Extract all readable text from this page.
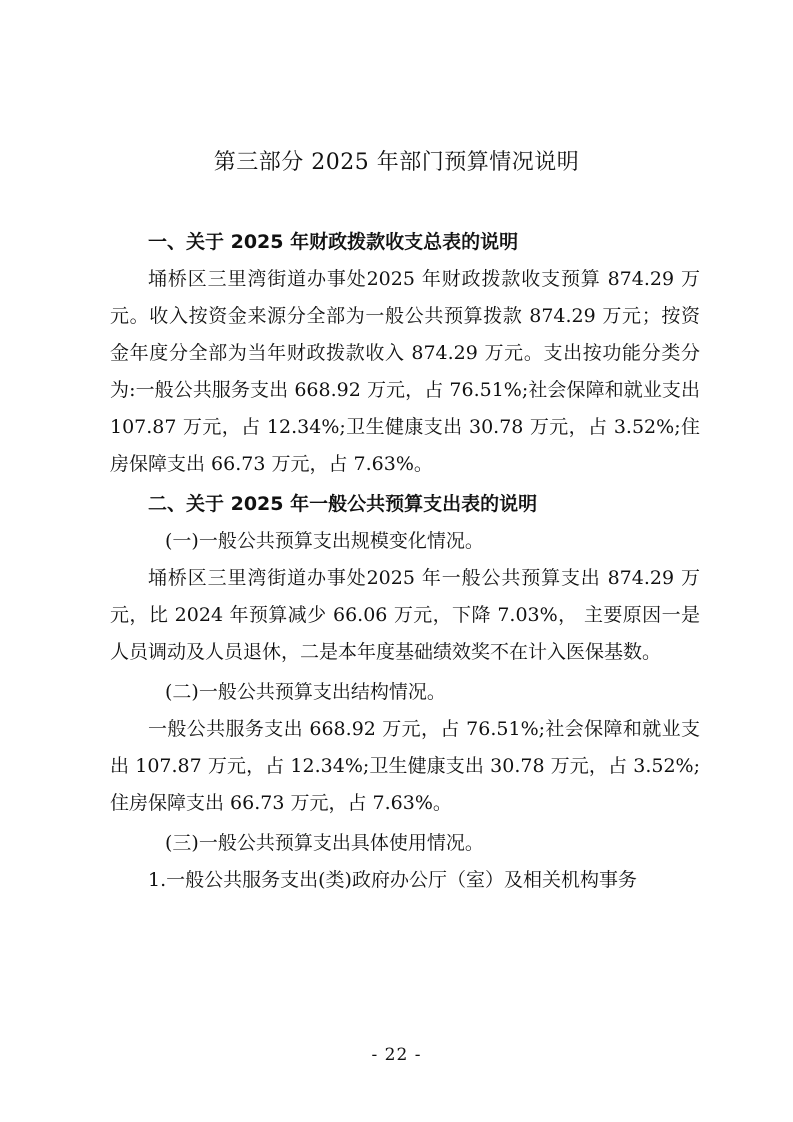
第三部分 2025 年部门预算情况说明

一、关于 2025 年财政拨款收支总表的说明

埇桥区三里湾街道办事处2025 年财政拨款收支预算 874.29 万元。收入按资金来源分全部为一般公共预算拨款 874.29 万元；按资金年度分全部为当年财政拨款收入 874.29 万元。支出按功能分类分为:一般公共服务支出 668.92 万元，占 76.51%;社会保障和就业支出 107.87 万元，占 12.34%;卫生健康支出 30.78 万元，占 3.52%;住房保障支出 66.73 万元，占 7.63%。

二、关于 2025 年一般公共预算支出表的说明

(一)一般公共预算支出规模变化情况。

埇桥区三里湾街道办事处2025 年一般公共预算支出 874.29 万元，比 2024 年预算减少 66.06 万元，下降 7.03%， 主要原因一是人员调动及人员退休，二是本年度基础绩效奖不在计入医保基数。

(二)一般公共预算支出结构情况。

一般公共服务支出 668.92 万元，占 76.51%;社会保障和就业支出 107.87 万元，占 12.34%;卫生健康支出 30.78 万元，占 3.52%;住房保障支出 66.73 万元，占 7.63%。

(三)一般公共预算支出具体使用情况。

1.一般公共服务支出(类)政府办公厅（室）及相关机构事务

- 22 -
